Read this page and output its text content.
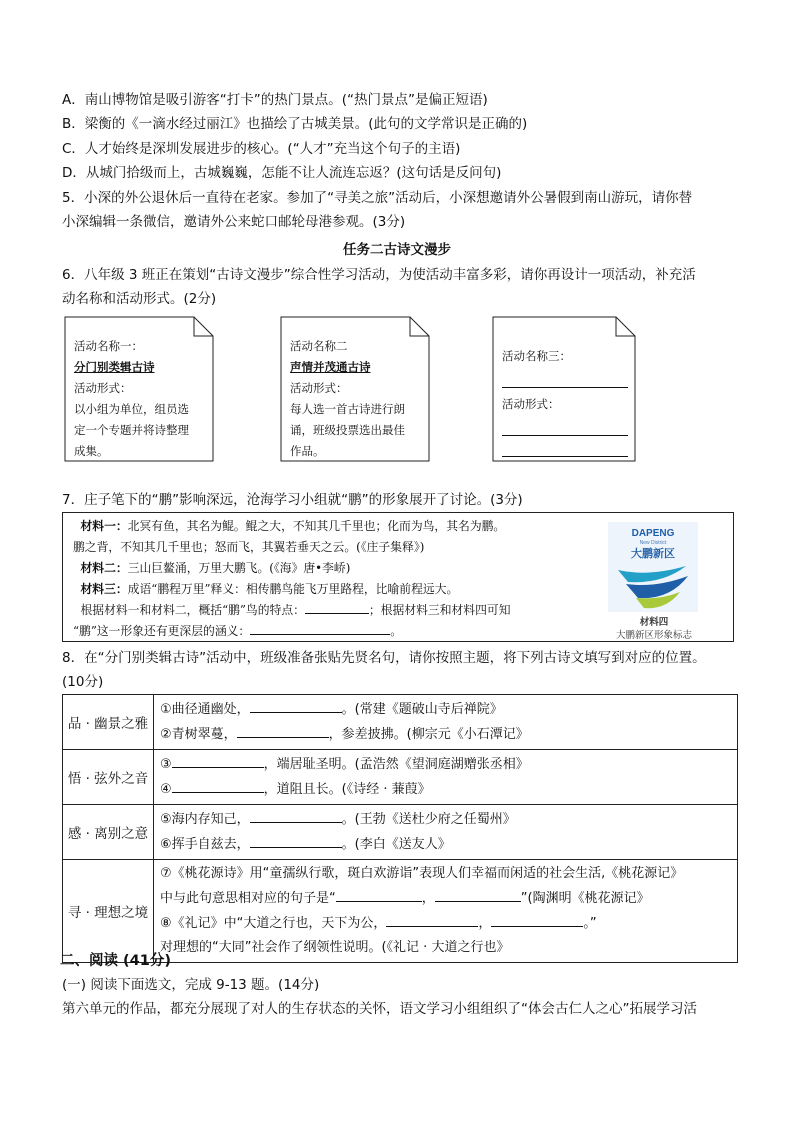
A．南山博物馆是吸引游客“打卡”的热门景点。(“热门景点”是偏正短语)
B．梁衡的《一滴水经过丽江》也描绘了古城美景。(此句的文学常识是正确的)
C．人才始终是深圳发展进步的核心。(“人才”充当这个句子的主语)
D．从城门拾级而上，古城巍巍，怎能不让人流连忘返？(这句话是反问句)
5．小深的外公退休后一直待在老家。参加了“寻美之旅”活动后，小深想邀请外公暑假到南山游玩，请你替
小深编辑一条微信，邀请外公来蛇口邮轮母港参观。(3分)
任务二古诗文漫步
6．八年级 3 班正在策划“古诗文漫步”综合性学习活动，为使活动丰富多彩，请你再设计一项活动，补充活
动名称和活动形式。(2分)
活动名称一：
分门别类辑古诗
活动形式：
以小组为单位，组员选
定一个专题并将诗整理
成集。
活动名称二
声情并茂通古诗
活动形式：
每人选一首古诗进行朗
诵，班级投票选出最佳
作品。
活动名称三：
活动形式：
7．庄子笔下的“鹏”影响深远，沧海学习小组就“鹏”的形象展开了讨论。(3分)
材料一：北冥有鱼，其名为鲲。鲲之大，不知其几千里也；化而为鸟，其名为鹏。
鹏之背，不知其几千里也；怒而飞，其翼若垂天之云。(《庄子集释》)
材料二：三山巨鳌涌，万里大鹏飞。(《海》唐•李峤)
材料三：成语“鹏程万里”释义：相传鹏鸟能飞万里路程，比喻前程远大。
根据材料一和材料二，概括“鹏”鸟的特点：	；根据材料三和材料四可知
“鹏”这一形象还有更深层的涵义：	。
DAPENG
New District
大鹏新区
材料四
大鹏新区形象标志
8．在“分门别类辑古诗”活动中，班级准备张贴先贤名句，请你按照主题，将下列古诗文填写到对应的位置。
(10分)
品 · 幽景之雅	①曲径通幽处， 。(常建《题破山寺后禅院》
②青树翠蔓， ，参差披拂。(柳宗元《小石潭记》

悟 · 弦外之音	③ ，端居耻圣明。(孟浩然《望洞庭湖赠张丞相》
④ ，道阻且长。(《诗经 · 蒹葭》

感 · 离别之意	⑤海内存知己， 。(王勃《送杜少府之任蜀州》
⑥挥手自兹去， 。(李白《送友人》

寻 · 理想之境	⑦《桃花源诗》用“童孺纵行歌，斑白欢游诣”表现人们幸福而闲适的社会生活,《桃花源记》
中与此句意思相对应的句子是“ ， ”(陶渊明《桃花源记》
⑧《礼记》中“大道之行也，天下为公， ， 。”
对理想的“大同”社会作了纲领性说明。(《礼记 · 大道之行也》
二、阅读 (41分)
(一) 阅读下面选文，完成 9-13 题。(14分)
第六单元的作品，都充分展现了对人的生存状态的关怀，语文学习小组组织了“体会古仁人之心”拓展学习活
